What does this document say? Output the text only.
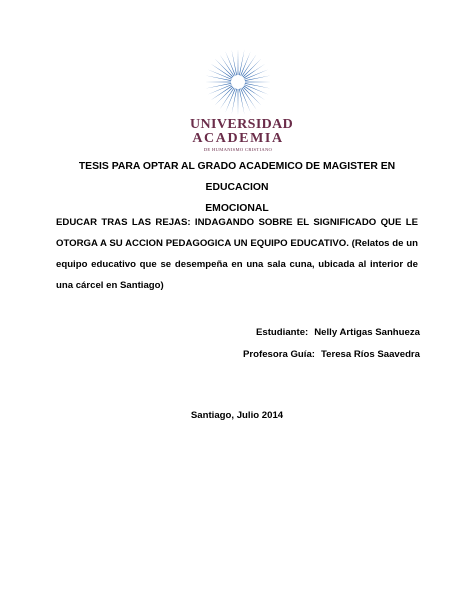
UNIVERSIDAD
ACADEMIA
DE HUMANISMO CRISTIANO
TESIS PARA OPTAR AL GRADO ACADEMICO DE MAGISTER EN EDUCACION
EMOCIONAL
EDUCAR TRAS LAS REJAS: INDAGANDO SOBRE EL SIGNIFICADO QUE LE OTORGA A SU ACCION PEDAGOGICA UN EQUIPO EDUCATIVO. (Relatos de un equipo educativo que se desempeña en una sala cuna, ubicada al interior de una cárcel en Santiago)
Estudiante: Nelly Artigas Sanhueza
Profesora Guía: Teresa Ríos Saavedra
Santiago, Julio 2014
